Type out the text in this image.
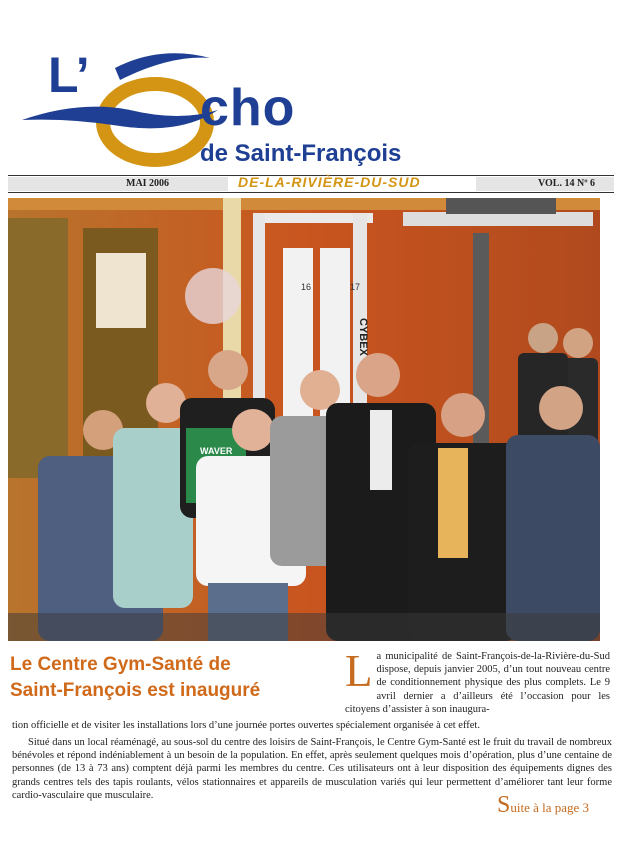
L’
cho
de Saint-François
MAI 2006	DE-LA-RIVIÈRE-DU-SUD	VOL. 14 Nº 6
16	17
CYBEX
WAVER
Le Centre Gym-Santé de
Saint-François est inauguré	La municipalité de Saint-François-de-la-Rivière-du-Sud dispose, depuis janvier 2005, d’un tout nouveau centre de conditionnement physique des plus complets. Le 9 avril dernier a d’ailleurs été l’occasion pour les citoyens d’assister à son inaugura-
tion officielle et de visiter les installations lors d’une journée portes ouvertes spécialement organisée à cet effet.
Situé dans un local réaménagé, au sous-sol du centre des loisirs de Saint-François, le Centre Gym-Santé est le fruit du travail de nombreux bénévoles et répond indéniablement à un besoin de la population. En effet, après seulement quelques mois d’opération, plus d’une centaine de personnes (de 13 à 73 ans) comptent déjà parmi les membres du centre. Ces utilisateurs ont à leur disposition des équipements dignes des grands centres tels des tapis roulants, vélos stationnaires et appareils de musculation variés qui leur permettent d’améliorer tant leur forme cardio-vasculaire que musculaire.	Suite à la page 3
